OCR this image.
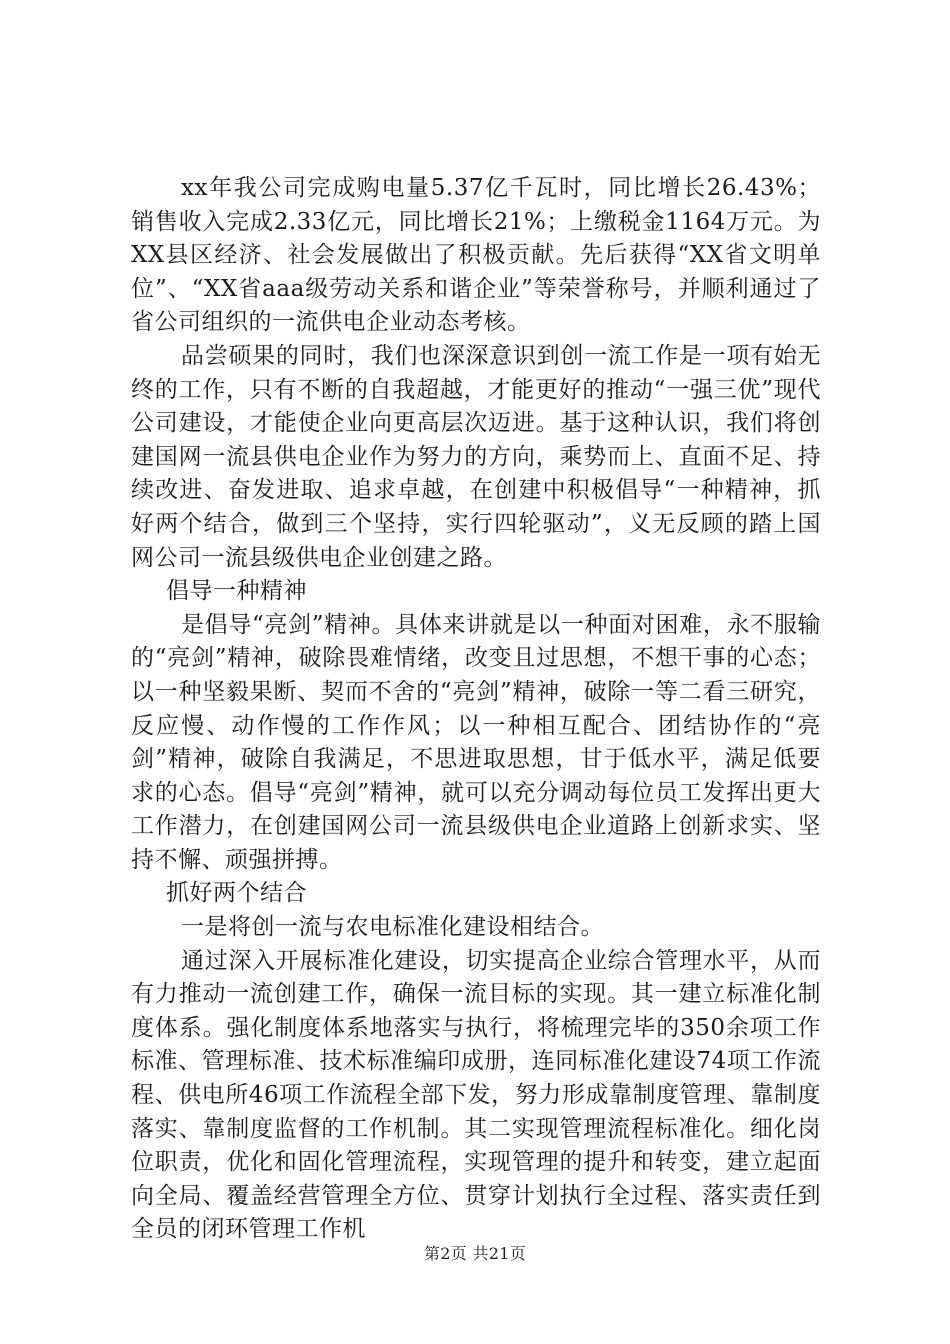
xx年我公司完成购电量5.37亿千瓦时，同比增长26.43%；销售收入完成2.33亿元，同比增长21%；上缴税金1164万元。为XX县区经济、社会发展做出了积极贡献。先后获得“XX省文明单位”、“XX省aaa级劳动关系和谐企业”等荣誉称号，并顺利通过了省公司组织的一流供电企业动态考核。

品尝硕果的同时，我们也深深意识到创一流工作是一项有始无终的工作，只有不断的自我超越，才能更好的推动“一强三优”现代公司建设，才能使企业向更高层次迈进。基于这种认识，我们将创建国网一流县供电企业作为努力的方向，乘势而上、直面不足、持续改进、奋发进取、追求卓越，在创建中积极倡导“一种精神，抓好两个结合，做到三个坚持，实行四轮驱动”，义无反顾的踏上国网公司一流县级供电企业创建之路。

倡导一种精神

是倡导“亮剑”精神。具体来讲就是以一种面对困难，永不服输的“亮剑”精神，破除畏难情绪，改变且过思想，不想干事的心态；以一种坚毅果断、契而不舍的“亮剑”精神，破除一等二看三研究，反应慢、动作慢的工作作风；以一种相互配合、团结协作的“亮剑”精神，破除自我满足，不思进取思想，甘于低水平，满足低要求的心态。倡导“亮剑”精神，就可以充分调动每位员工发挥出更大工作潜力，在创建国网公司一流县级供电企业道路上创新求实、坚持不懈、顽强拼搏。

抓好两个结合

一是将创一流与农电标准化建设相结合。

通过深入开展标准化建设，切实提高企业综合管理水平，从而有力推动一流创建工作，确保一流目标的实现。其一建立标准化制度体系。强化制度体系地落实与执行，将梳理完毕的350余项工作标准、管理标准、技术标准编印成册，连同标准化建设74项工作流程、供电所46项工作流程全部下发，努力形成靠制度管理、靠制度落实、靠制度监督的工作机制。其二实现管理流程标准化。细化岗位职责，优化和固化管理流程，实现管理的提升和转变，建立起面向全局、覆盖经营管理全方位、贯穿计划执行全过程、落实责任到全员的闭环管理工作机

第2页 共21页
